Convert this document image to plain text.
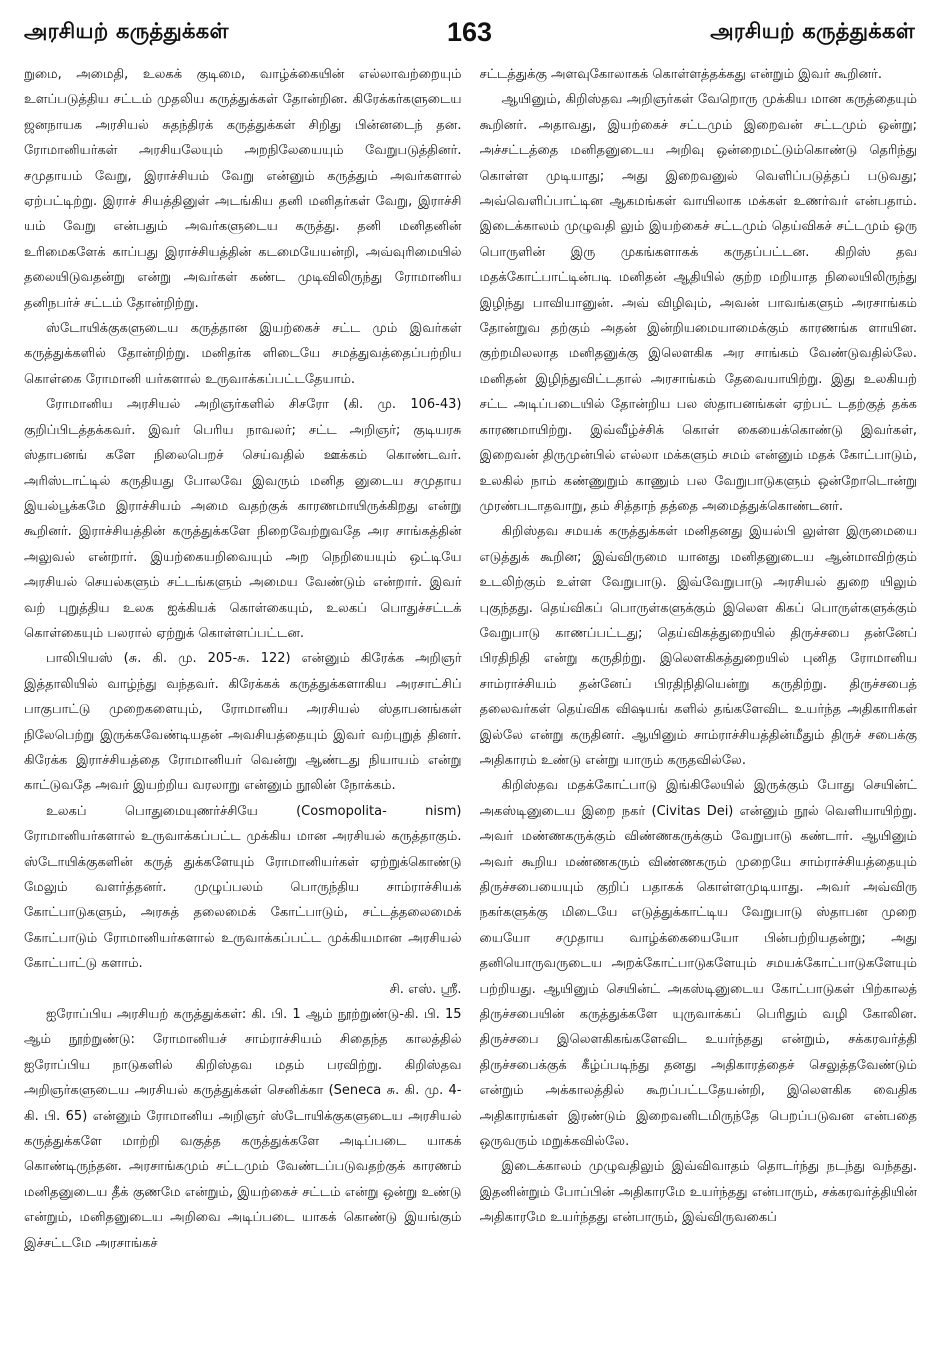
அரசியற் கருத்துக்கள்	163	அரசியற் கருத்துக்கள்

றுமை, அமைதி, உலகக் குடிமை, வாழ்க்கையின் எல்லாவற்றையும் உளப்படுத்திய சட்டம் முதலிய கருத்துக்கள் தோன்றின. கிரேக்கர்களுடைய ஜனநாயக அரசியல் சுதந்திரக் கருத்துக்கள் சிறிது பின்னடைந் தன. ரோமானியர்கள் அரசியலேயும் அறநிலேயையும் வேறுபடுத்தினர். சமுதாயம் வேறு, இராச்சியம் வேறு என்னும் கருத்தும் அவர்களால் ஏற்பட்டிற்று. இராச் சியத்தினுள் அடங்கிய தனி மனிதர்கள் வேறு, இராச்சி யம் வேறு என்பதும் அவர்களுடைய கருத்து. தனி மனிதனின் உரிமைகளேக் காப்பது இராச்சியத்தின் கடமையேயன்றி, அவ்வுரிமையில் தலையிடுவதன்று என்று அவர்கள் கண்ட முடிவிலிருந்து ரோமானிய தனிநபர்ச் சட்டம் தோன்றிற்று.

ஸ்டோயிக்குகளுடைய கருத்தான இயற்கைச் சட்ட மும் இவர்கள் கருத்துக்களில் தோன்றிற்று. மனிதர்க ளிடையே சமத்துவத்தைப்பற்றிய கொள்கை ரோமானி யர்களால் உருவாக்கப்பட்டதேயாம்.

ரோமானிய அரசியல் அறிஞர்களில் சிசரோ (கி. மு. 106-43) குறிப்பிடத்தக்கவர். இவர் பெரிய நாவலர்; சட்ட அறிஞர்; குடியரசு ஸ்தாபனங் களே நிலைபெறச் செய்வதில் ஊக்கம் கொண்டவர். அரிஸ்டாட்டில் கருதியது போலவே இவரும் மனித னுடைய சமுதாய இயல்பூக்கமே இராச்சியம் அமை வதற்குக் காரணமாயிருக்கிறது என்று கூறினர். இராச்சியத்தின் கருத்துக்களே நிறைவேற்றுவதே அர சாங்கத்தின் அலுவல் என்றார். இயற்கையறிவையும் அற நெறியையும் ஒட்டியே அரசியல் செயல்களும் சட்டங்களும் அமைய வேண்டும் என்றார். இவர் வற் புறுத்திய உலக ஐக்கியக் கொள்கையும், உலகப் பொதுச்சட்டக் கொள்கையும் பலரால் ஏற்றுக் கொள்ளப்பட்டன.

பாலிபியஸ் (சு. கி. மு. 205-சு. 122) என்னும் கிரேக்க அறிஞர் இத்தாலியில் வாழ்ந்து வந்தவர். கிரேக்கக் கருத்துக்களாகிய அரசாட்சிப் பாகுபாட்டு முறைகளையும், ரோமானிய அரசியல் ஸ்தாபனங்கள் நிலேபெற்று இருக்கவேண்டியதன் அவசியத்தையும் இவர் வற்புறுத் தினர். கிரேக்க இராச்சியத்தை ரோமானியர் வென்று ஆண்டது நியாயம் என்று காட்டுவதே அவர் இயற்றிய வரலாறு என்னும் நூலின் நோக்கம்.

உலகப் பொதுமையுணர்ச்சியே (Cosmopolita- nism) ரோமானியர்களால் உருவாக்கப்பட்ட முக்கிய மான அரசியல் கருத்தாகும். ஸ்டோயிக்குகளின் கருத் துக்களேயும் ரோமானியர்கள் ஏற்றுக்கொண்டு மேலும் வளர்த்தனர். முழுப்பலம் பொருந்திய சாம்ராச்சியக் கோட்பாடுகளும், அரசுத் தலைமைக் கோட்பாடும், சட்டத்தலைமைக் கோட்பாடும் ரோமானியர்களால் உருவாக்கப்பட்ட முக்கியமான அரசியல் கோட்பாட்டு களாம்.

சி. எஸ். ஸ்ரீ.

ஐரோப்பிய அரசியற் கருத்துக்கள்: கி. பி. 1 ஆம் நூற்றுண்டு-கி. பி. 15 ஆம் நூற்றுண்டு: ரோமானியச் சாம்ராச்சியம் சிதைந்த காலத்தில் ஐரோப்பிய நாடுகளில் கிறிஸ்தவ மதம் பரவிற்று. கிறிஸ்தவ அறிஞர்களுடைய அரசியல் கருத்துக்கள் செனிக்கா (Seneca சு. கி. மு. 4-கி. பி. 65) என்னும் ரோமானிய அறிஞர் ஸ்டோயிக்குகளுடைய அரசியல் கருத்துக்களே மாற்றி வகுத்த கருத்துக்களே அடிப்படை யாகக் கொண்டிருந்தன. அரசாங்கமும் சட்டமும் வேண்டப்படுவதற்குக் காரணம் மனிதனுடைய தீக் குணமே என்றும், இயற்கைச் சட்டம் என்று ஒன்று உண்டு என்றும், மனிதனுடைய அறிவை அடிப்படை யாகக் கொண்டு இயங்கும் இச்சட்டமே அரசாங்கச்

சட்டத்துக்கு அளவுகோலாகக் கொள்ளத்தக்கது என்றும் இவர் கூறினர்.

ஆயினும், கிறிஸ்தவ அறிஞர்கள் வேறொரு முக்கிய மான கருத்தையும் கூறினர். அதாவது, இயற்கைச் சட்டமும் இறைவன் சட்டமும் ஒன்று; அச்சட்டத்தை மனிதனுடைய அறிவு ஒன்றைமட்டும்கொண்டு தெரிந்து கொள்ள முடியாது; அது இறைவனுல் வெளிப்படுத்தப் படுவது; அவ்வெளிப்பாட்டின ஆகமங்கள் வாயிலாக மக்கள் உணர்வர் என்பதாம். இடைக்காலம் முழுவதி லும் இயற்கைச் சட்டமும் தெய்விகச் சட்டமும் ஒரு பொருளின் இரு முகங்களாகக் கருதப்பட்டன. கிறிஸ் தவ மதக்கோட்பாட்டின்படி மனிதன் ஆதியில் குற்ற மறியாத நிலையிலிருந்து இழிந்து பாவியானுன். அவ் விழிவும், அவன் பாவங்களும் அரசாங்கம் தோன்றுவ தற்கும் அதன் இன்றியமையாமைக்கும் காரணங்க ளாயின. குற்றமிலலாத மனிதனுக்கு இலௌகிக அர சாங்கம் வேண்டுவதில்லே. மனிதன் இழிந்துவிட்டதால் அரசாங்கம் தேவையாயிற்று. இது உலகியற் சட்ட அடிப்படையில் தோன்றிய பல ஸ்தாபனங்கள் ஏற்பட் டதற்குத் தக்க காரணமாயிற்று. இவ்வீழ்ச்சிக் கொள் கையைக்கொண்டு இவர்கள், இறைவன் திருமுன்பில் எல்லா மக்களும் சமம் என்னும் மதக் கோட்பாடும், உலகில் நாம் கண்ணுறும் காணும் பல வேறுபாடுகளும் ஒன்றோடொன்று முரண்படாதவாறு, தம் சித்தாந் தத்தை அமைத்துக்கொண்டனர்.

கிறிஸ்தவ சமயக் கருத்துக்கள் மனிதனது இயல்பி லுள்ள இருமையை எடுத்துக் கூறின; இவ்விருமை யானது மனிதனுடைய ஆன்மாவிற்கும் உடலிற்கும் உள்ள வேறுபாடு. இவ்வேறுபாடு அரசியல் துறை யிலும் புகுந்தது. தெய்விகப் பொருள்களுக்கும் இலௌ கிகப் பொருள்களுக்கும் வேறுபாடு காணப்பட்டது; தெய்விகத்துறையில் திருச்சபை தன்னேப் பிரதிநிதி என்று கருதிற்று. இலௌகிகத்துறையில் புனித ரோமானிய சாம்ராச்சியம் தன்னேப் பிரதிநிதியென்று கருதிற்று. திருச்சபைத் தலைவர்கள் தெய்விக விஷயங் களில் தங்களேவிட உயர்ந்த அதிகாரிகள் இல்லே என்று கருதினர். ஆயினும் சாம்ராச்சியத்தின்மீதும் திருச் சபைக்கு அதிகாரம் உண்டு என்று யாரும் கருதவில்லே.

கிறிஸ்தவ மதக்கோட்பாடு இங்கிலேயில் இருக்கும் போது செயின்ட் அகஸ்டினுடைய இறை நகர் (Civitas Dei) என்னும் நூல் வெளியாயிற்று. அவர் மண்ணகருக்கும் விண்ணகருக்கும் வேறுபாடு கண்டார். ஆயினும் அவர் கூறிய மண்ணகரும் விண்ணகரும் முறையே சாம்ராச்சியத்தையும் திருச்சபையையும் குறிப் பதாகக் கொள்ளமுடியாது. அவர் அவ்விரு நகர்களுக்கு மிடையே எடுத்துக்காட்டிய வேறுபாடு ஸ்தாபன முறை யையோ சமுதாய வாழ்க்கையையோ பின்பற்றியதன்று; அது தனியொருவருடைய அறக்கோட்பாடுகளேயும் சமயக்கோட்பாடுகளேயும் பற்றியது. ஆயினும் செயின்ட் அகஸ்டினுடைய கோட்பாடுகள் பிற்காலத் திருச்சபையின் கருத்துக்களே யுருவாக்கப் பெரிதும் வழி கோலின. திருச்சபை இலௌகிகங்களேவிட உயர்ந்தது என்றும், சக்கரவர்த்தி திருச்சபைக்குக் கீழ்ப்படிந்து தனது அதிகாரத்தைச் செலுத்தவேண்டும் என்றும் அக்காலத்தில் கூறப்பட்டதேயன்றி, இலௌகிக வைதிக அதிகாரங்கள் இரண்டும் இறைவனிடமிருந்தே பெறப்படுவன என்பதை ஒருவரும் மறுக்கவில்லே.

இடைக்காலம் முழுவதிலும் இவ்விவாதம் தொடர்ந்து நடந்து வந்தது. இதனின்றும் போப்பின் அதிகாரமே உயர்ந்தது என்பாரும், சக்கரவர்த்தியின் அதிகாரமே உயர்ந்தது என்பாரும், இவ்விருவகைப்
